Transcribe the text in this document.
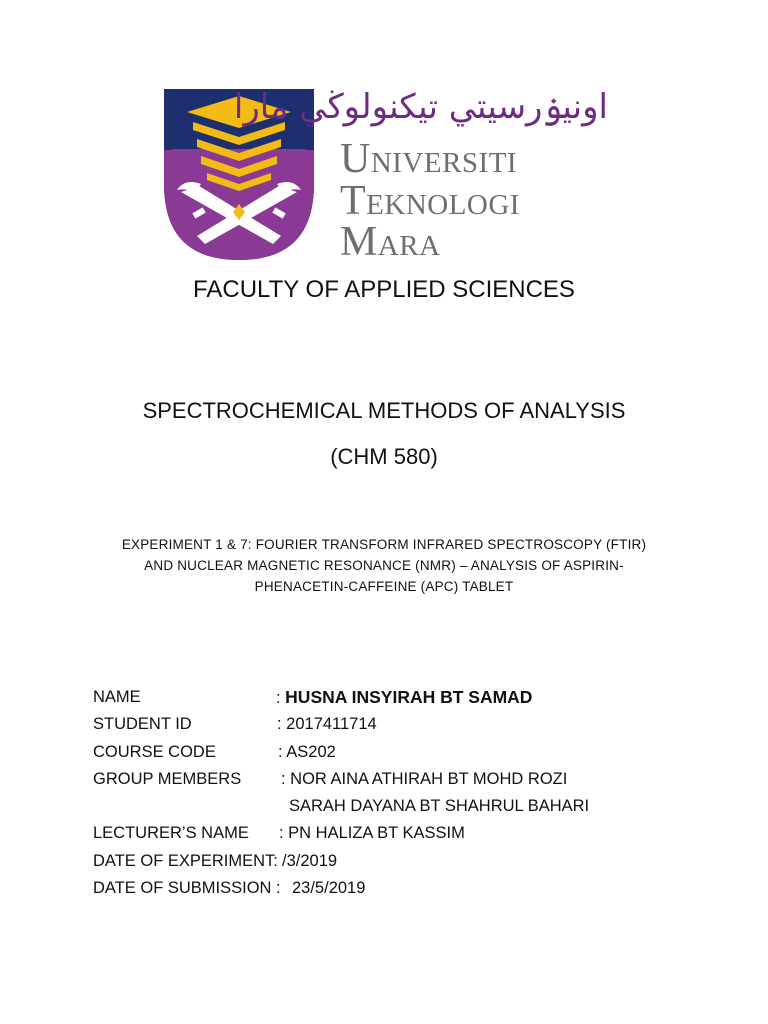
اونيۏرسيتي تيكنولوڬي مارا
Universiti
Teknologi
Mara
FACULTY OF APPLIED SCIENCES
SPECTROCHEMICAL METHODS OF ANALYSIS
(CHM 580)
EXPERIMENT 1 & 7: FOURIER TRANSFORM INFRARED SPECTROSCOPY (FTIR)
AND NUCLEAR MAGNETIC RESONANCE (NMR) – ANALYSIS OF ASPIRIN-
PHENACETIN-CAFFEINE (APC) TABLET
NAME	: HUSNA INSYIRAH BT SAMAD
STUDENT ID	: 2017411714
COURSE CODE	: AS202
GROUP MEMBERS : NOR AINA ATHIRAH BT MOHD ROZI
SARAH DAYANA BT SHAHRUL BAHARI
LECTURER’S NAME : PN HALIZA BT KASSIM
DATE OF EXPERIMENT: /3/2019
DATE OF SUBMISSION : 23/5/2019
